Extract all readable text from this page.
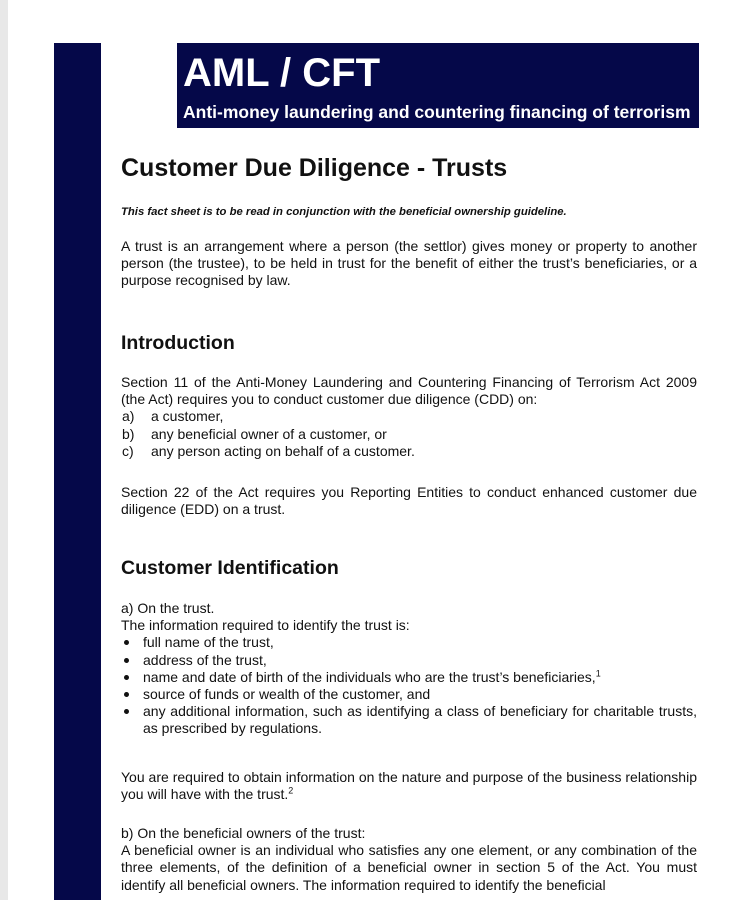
AML / CFT
Anti-money laundering and countering financing of terrorism
Customer Due Diligence - Trusts
This fact sheet is to be read in conjunction with the beneficial ownership guideline.

A trust is an arrangement where a person (the settlor) gives money or property to another person (the trustee), to be held in trust for the benefit of either the trust’s beneficiaries, or a purpose recognised by law.

Introduction

Section 11 of the Anti-Money Laundering and Countering Financing of Terrorism Act 2009 (the Act) requires you to conduct customer due diligence (CDD) on:

a) a customer,
b) any beneficial owner of a customer, or
c) any person acting on behalf of a customer.

Section 22 of the Act requires you Reporting Entities to conduct enhanced customer due diligence (EDD) on a trust.

Customer Identification
a) On the trust.
The information required to identify the trust is:
full name of the trust,
address of the trust,
name and date of birth of the individuals who are the trust’s beneficiaries,$^1$
source of funds or wealth of the customer, and
any additional information, such as identifying a class of beneficiary for charitable trusts, as prescribed by regulations.

You are required to obtain information on the nature and purpose of the business relationship you will have with the trust.$^2$

b) On the beneficial owners of the trust:

A beneficial owner is an individual who satisfies any one element, or any combination of the three elements, of the definition of a beneficial owner in section 5 of the Act. You must identify all beneficial owners. The information required to identify the beneficial
